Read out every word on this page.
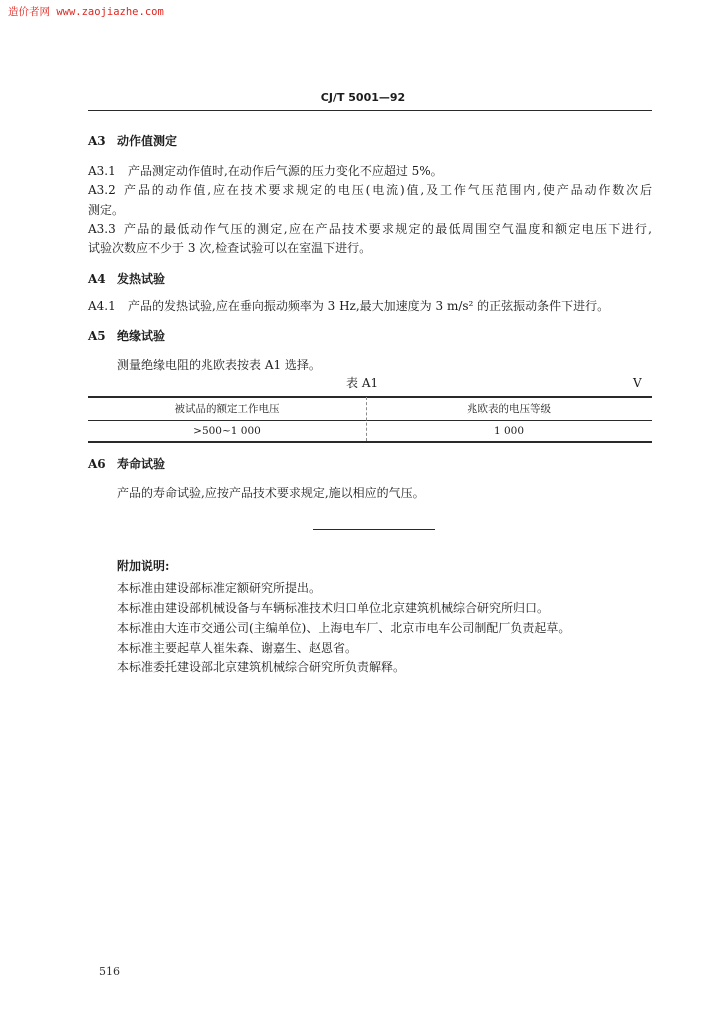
造价者网 www.zaojiazhe.com
CJ/T 5001—92
A3 动作值测定
A3.1 产品测定动作值时,在动作后气源的压力变化不应超过 5%。
A3.2 产品的动作值,应在技术要求规定的电压(电流)值,及工作气压范围内,使产品动作数次后
测定。
A3.3 产品的最低动作气压的测定,应在产品技术要求规定的最低周围空气温度和额定电压下进行,
试验次数应不少于 3 次,检查试验可以在室温下进行。
A4 发热试验
A4.1 产品的发热试验,应在垂向振动频率为 3 Hz,最大加速度为 3 m/s² 的正弦振动条件下进行。
A5 绝缘试验
测量绝缘电阻的兆欧表按表 A1 选择。
表 A1	V
被试品的额定工作电压	兆欧表的电压等级
>500~1 000	1 000
A6 寿命试验
产品的寿命试验,应按产品技术要求规定,施以相应的气压。
附加说明:
本标准由建设部标准定额研究所提出。
本标准由建设部机械设备与车辆标准技术归口单位北京建筑机械综合研究所归口。
本标准由大连市交通公司(主编单位)、上海电车厂、北京市电车公司制配厂负责起草。
本标准主要起草人崔朱森、谢嘉生、赵恩省。
本标准委托建设部北京建筑机械综合研究所负责解释。
516
